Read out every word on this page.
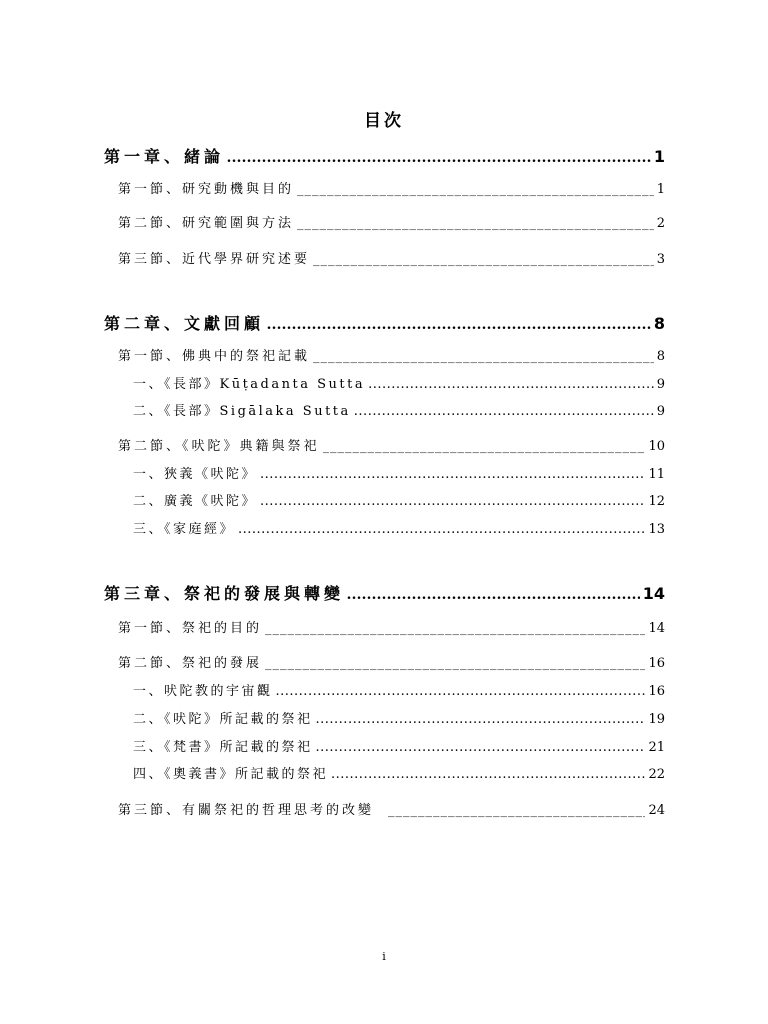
目次
第一章、緒論 .....	1
第一節、研究動機與目的 _____	1
第二節、研究範圍與方法 _____	2
第三節、近代學界研究述要 _____	3
第二章、文獻回顧 .....	8
第一節、佛典中的祭祀記載 _____	8
一、《長部》Kūṭadanta Sutta .....	9
二、《長部》Sigālaka Sutta .....	9
第二節、《吠陀》典籍與祭祀 _____	10
一、狹義《吠陀》 .....	11
二、廣義《吠陀》 .....	12
三、《家庭經》 .....	13
第三章、祭祀的發展與轉變 .....	14
第一節、祭祀的目的 _____	14
第二節、祭祀的發展 _____	16
一、吠陀教的宇宙觀 .....	16
二、《吠陀》所記載的祭祀 .....	19
三、《梵書》所記載的祭祀 .....	21
四、《奧義書》所記載的祭祀 .....	22
第三節、有關祭祀的哲理思考的改變 _____	24
i
